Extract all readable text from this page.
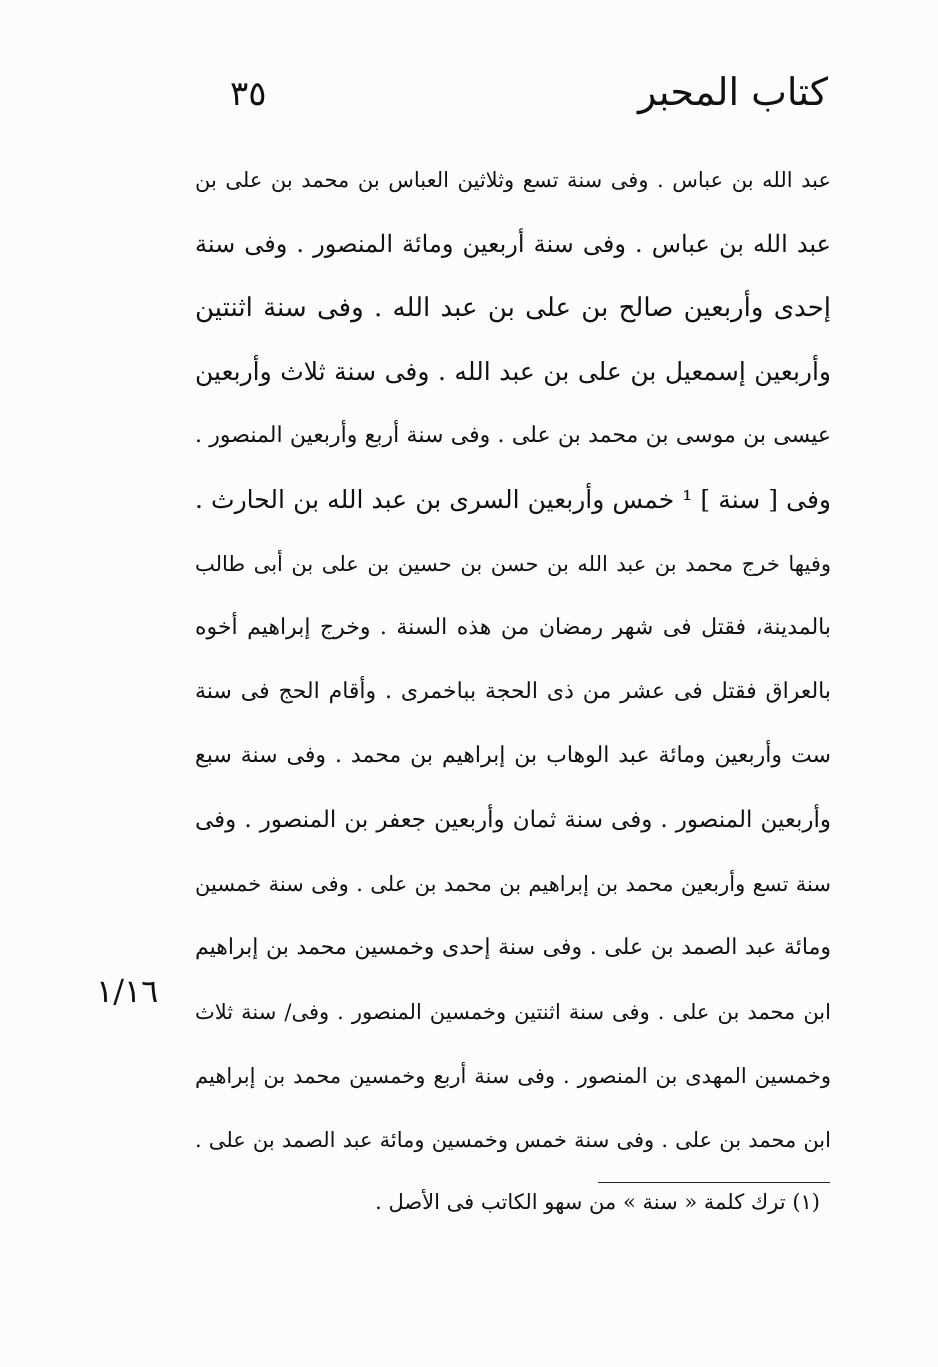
كتاب المحبر
٣٥
عبد الله بن عباس . وفى سنة تسع وثلاثين العباس بن محمد بن على بن
عبد الله بن عباس . وفى سنة أربعين ومائة المنصور . وفى سنة
إحدى وأربعين صالح بن على بن عبد الله . وفى سنة اثنتين
وأربعين إسمعيل بن على بن عبد الله . وفى سنة ثلاث وأربعين
عيسى بن موسى بن محمد بن على . وفى سنة أربع وأربعين المنصور .
وفى [ سنة ] ¹ خمس وأربعين السرى بن عبد الله بن الحارث .
وفيها خرج محمد بن عبد الله بن حسن بن حسين بن على بن أبى طالب
بالمدينة، فقتل فى شهر رمضان من هذه السنة . وخرج إبراهيم أخوه
بالعراق فقتل فى عشر من ذى الحجة بباخمرى . وأقام الحج فى سنة
ست وأربعين ومائة عبد الوهاب بن إبراهيم بن محمد . وفى سنة سبع
وأربعين المنصور . وفى سنة ثمان وأربعين جعفر بن المنصور . وفى
سنة تسع وأربعين محمد بن إبراهيم بن محمد بن على . وفى سنة خمسين
ومائة عبد الصمد بن على . وفى سنة إحدى وخمسين محمد بن إبراهيم
ابن محمد بن على . وفى سنة اثنتين وخمسين المنصور . وفى/ سنة ثلاث
وخمسين المهدى بن المنصور . وفى سنة أربع وخمسين محمد بن إبراهيم
ابن محمد بن على . وفى سنة خمس وخمسين ومائة عبد الصمد بن على .
١/١٦
(١) ترك كلمة « سنة » من سهو الكاتب فى الأصل .
